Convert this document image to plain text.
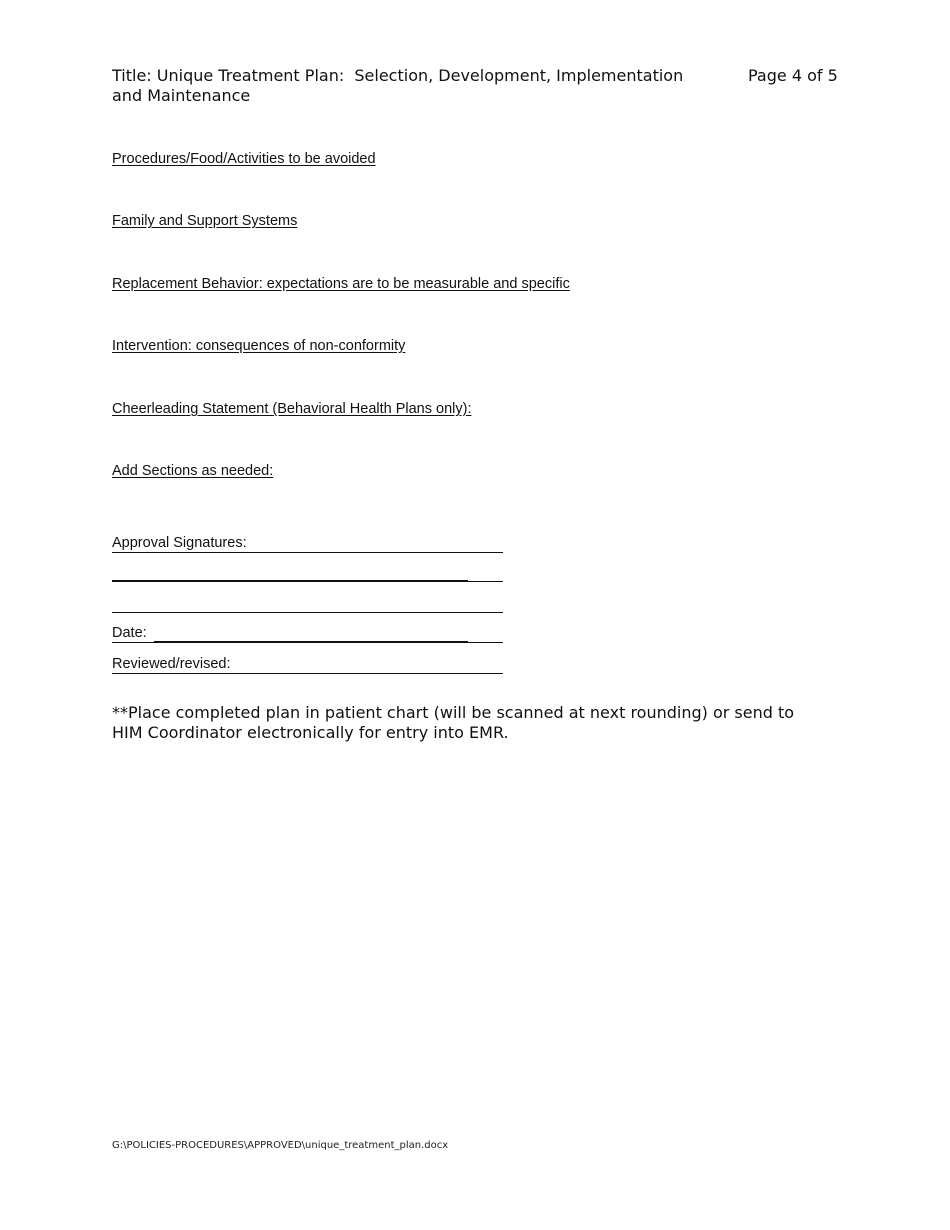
Title: Unique Treatment Plan:  Selection, Development, Implementation and Maintenance
Page 4 of 5
Procedures/Food/Activities to be avoided
Family and Support Systems
Replacement Behavior: expectations are to be measurable and specific
Intervention: consequences of non-conformity
Cheerleading Statement (Behavioral Health Plans only):
Add Sections as needed:
Approval Signatures:
Date:
Reviewed/revised:
**Place completed plan in patient chart (will be scanned at next rounding) or send to HIM Coordinator electronically for entry into EMR.
G:\POLICIES-PROCEDURES\APPROVED\unique_treatment_plan.docx
